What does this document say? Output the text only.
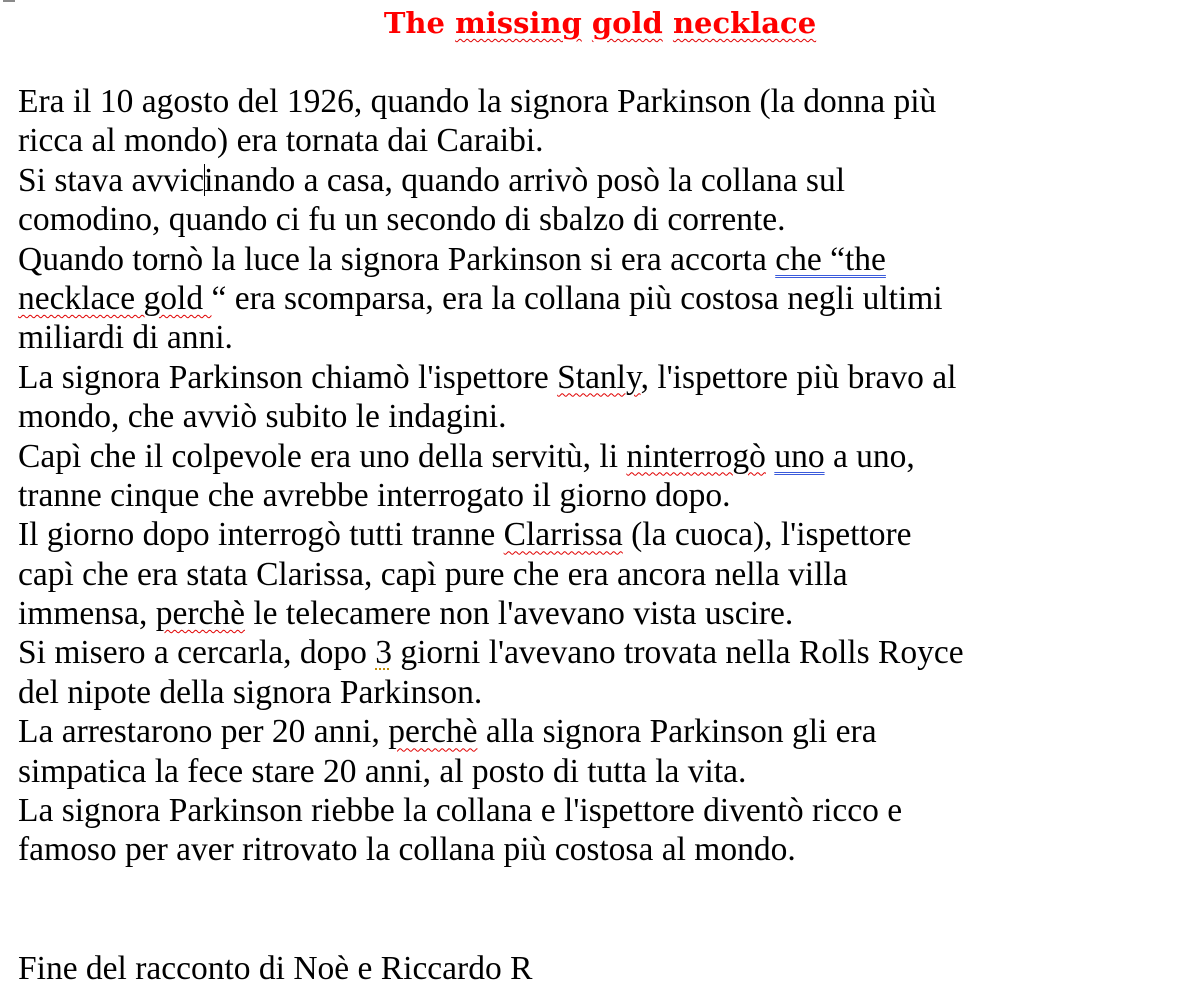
The missing gold necklace
Era il 10 agosto del 1926, quando la signora Parkinson (la donna più
ricca al mondo) era tornata dai Caraibi.
Si stava avvicinando a casa, quando arrivò posò la collana sul
comodino, quando ci fu un secondo di sbalzo di corrente.
Quando tornò la luce la signora Parkinson si era accorta che “the
necklace gold “ era scomparsa, era la collana più costosa negli ultimi
miliardi di anni.
La signora Parkinson chiamò l'ispettore Stanly, l'ispettore più bravo al
mondo, che avviò subito le indagini.
Capì che il colpevole era uno della servitù, li ninterrogò uno a uno,
tranne cinque che avrebbe interrogato il giorno dopo.
Il giorno dopo interrogò tutti tranne Clarrissa (la cuoca), l'ispettore
capì che era stata Clarissa, capì pure che era ancora nella villa
immensa, perchè le telecamere non l'avevano vista uscire.
Si misero a cercarla, dopo 3 giorni l'avevano trovata nella Rolls Royce
del nipote della signora Parkinson.
La arrestarono per 20 anni, perchè alla signora Parkinson gli era
simpatica la fece stare 20 anni, al posto di tutta la vita.
La signora Parkinson riebbe la collana e l'ispettore diventò ricco e
famoso per aver ritrovato la collana più costosa al mondo.
Fine del racconto di Noè e Riccardo R
